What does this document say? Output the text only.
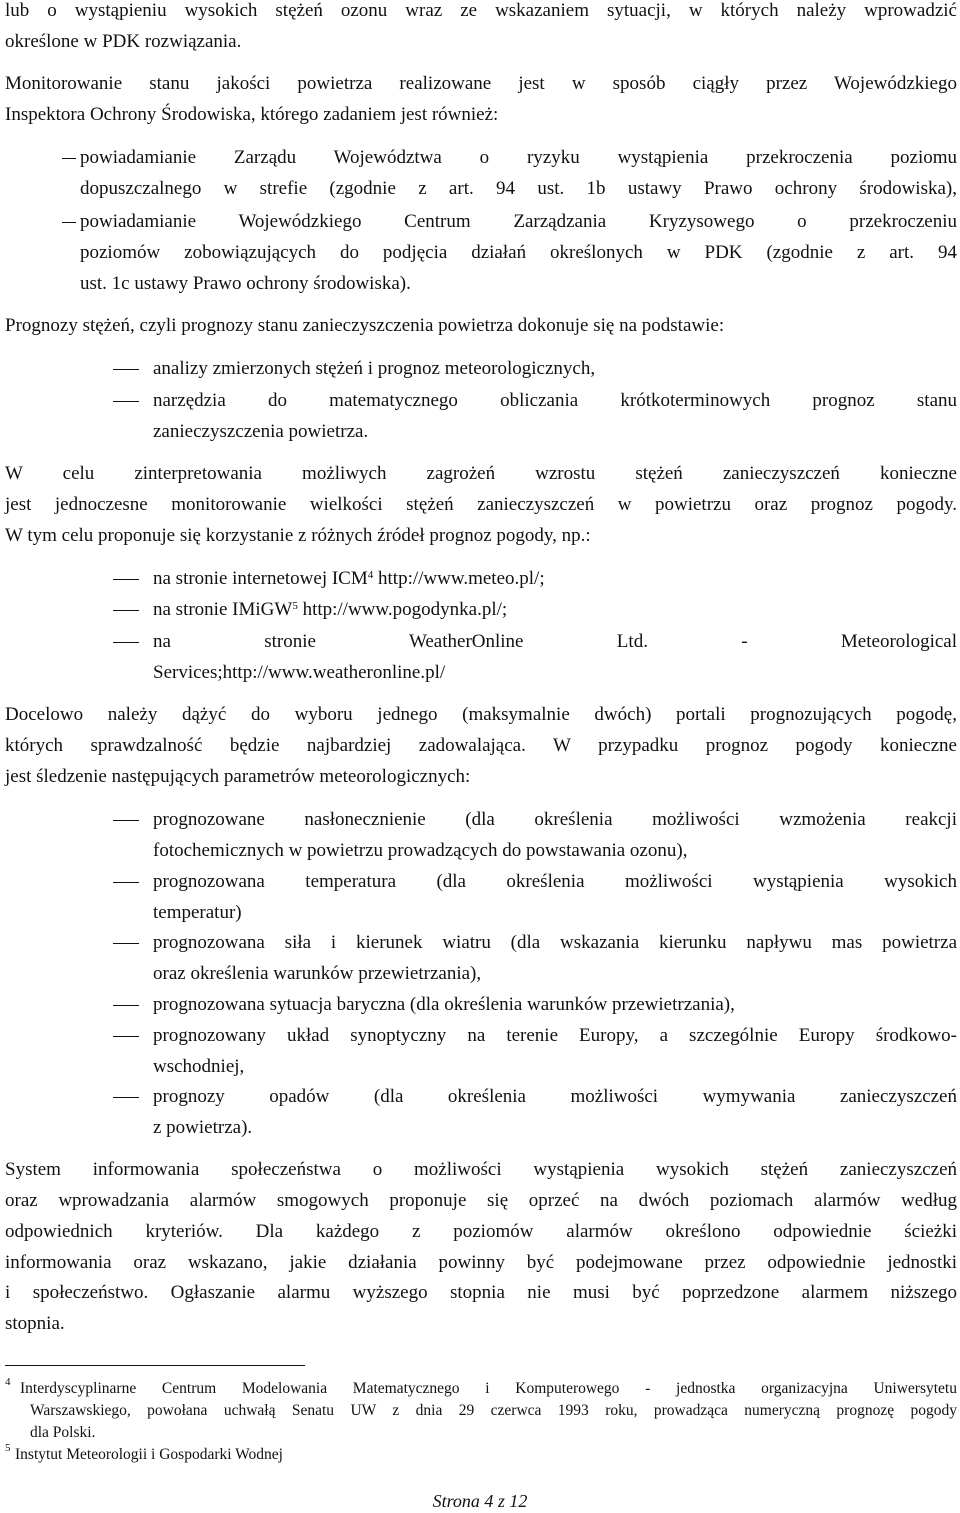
lub o wystąpieniu wysokich stężeń ozonu wraz ze wskazaniem sytuacji, w których należy wprowadzić

określone w PDK rozwiązania.

Monitorowanie stanu jakości powietrza realizowane jest w sposób ciągły przez Wojewódzkiego

Inspektora Ochrony Środowiska, którego zadaniem jest również:

powiadamianie Zarządu Województwa o ryzyku wystąpienia przekroczenia poziomu

dopuszczalnego w strefie (zgodnie z art. 94 ust. 1b ustawy Prawo ochrony środowiska),

powiadamianie Wojewódzkiego Centrum Zarządzania Kryzysowego o przekroczeniu

poziomów zobowiązujących do podjęcia działań określonych w PDK (zgodnie z art. 94

ust. 1c ustawy Prawo ochrony środowiska).

Prognozy stężeń, czyli prognozy stanu zanieczyszczenia powietrza dokonuje się na podstawie:

analizy zmierzonych stężeń i prognoz meteorologicznych,

narzędzia do matematycznego obliczania krótkoterminowych prognoz stanu

zanieczyszczenia powietrza.

W celu zinterpretowania możliwych zagrożeń wzrostu stężeń zanieczyszczeń konieczne

jest jednoczesne monitorowanie wielkości stężeń zanieczyszczeń w powietrzu oraz prognoz pogody.

W tym celu proponuje się korzystanie z różnych źródeł prognoz pogody, np.:

na stronie internetowej ICM$^4$ http://www.meteo.pl/;

na stronie IMiGW$^5$ http://www.pogodynka.pl/;

na stronie WeatherOnline Ltd. - Meteorological

Services;http://www.weatheronline.pl/

Docelowo należy dążyć do wyboru jednego (maksymalnie dwóch) portali prognozujących pogodę,

których sprawdzalność będzie najbardziej zadowalająca. W przypadku prognoz pogody konieczne

jest śledzenie następujących parametrów meteorologicznych:

prognozowane nasłonecznienie (dla określenia możliwości wzmożenia reakcji

fotochemicznych w powietrzu prowadzących do powstawania ozonu),

prognozowana temperatura (dla określenia możliwości wystąpienia wysokich

temperatur)

prognozowana siła i kierunek wiatru (dla wskazania kierunku napływu mas powietrza

oraz określenia warunków przewietrzania),

prognozowana sytuacja baryczna (dla określenia warunków przewietrzania),

prognozowany układ synoptyczny na terenie Europy, a szczególnie Europy środkowo-

wschodniej,

prognozy opadów (dla określenia możliwości wymywania zanieczyszczeń

z powietrza).

System informowania społeczeństwa o możliwości wystąpienia wysokich stężeń zanieczyszczeń

oraz wprowadzania alarmów smogowych proponuje się oprzeć na dwóch poziomach alarmów według

odpowiednich kryteriów. Dla każdego z poziomów alarmów określono odpowiednie ścieżki

informowania oraz wskazano, jakie działania powinny być podejmowane przez odpowiednie jednostki

i społeczeństwo. Ogłaszanie alarmu wyższego stopnia nie musi być poprzedzone alarmem niższego

stopnia.

$^4$ Interdyscyplinarne Centrum Modelowania Matematycznego i Komputerowego - jednostka organizacyjna Uniwersytetu

Warszawskiego, powołana uchwałą Senatu UW z dnia 29 czerwca 1993 roku, prowadząca numeryczną prognozę pogody

dla Polski.

$^5$ Instytut Meteorologii i Gospodarki Wodnej

Strona 4 z 12
